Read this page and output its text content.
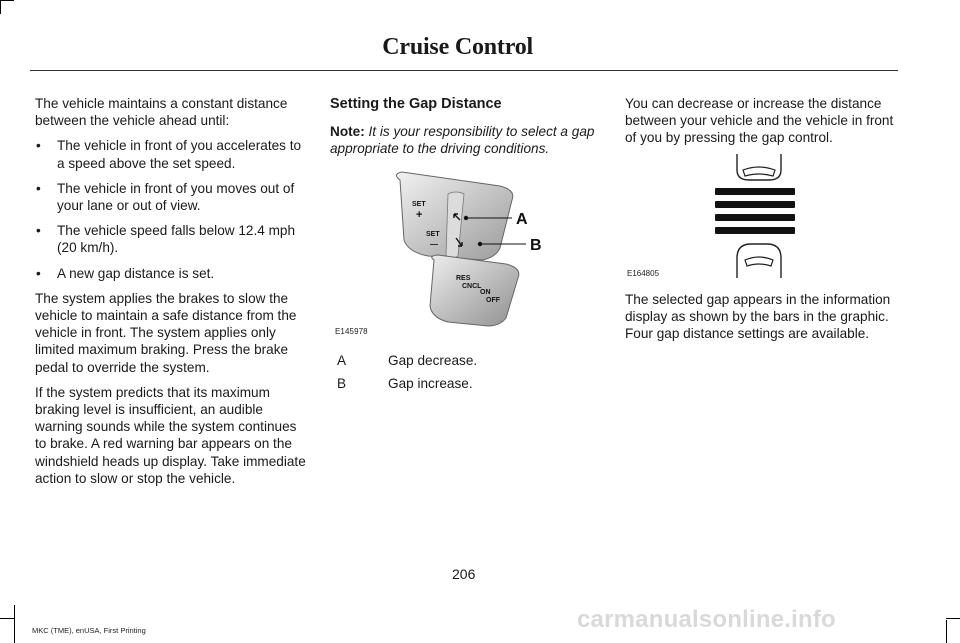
Cruise Control

The vehicle maintains a constant distance between the vehicle ahead until:

• The vehicle in front of you accelerates to a speed above the set speed.
• The vehicle in front of you moves out of your lane or out of view.
• The vehicle speed falls below 12.4 mph (20 km/h).
• A new gap distance is set.

The system applies the brakes to slow the vehicle to maintain a safe distance from the vehicle in front. The system applies only limited maximum braking. Press the brake pedal to override the system.

If the system predicts that its maximum braking level is insufficient, an audible warning sounds while the system continues to brake. A red warning bar appears on the windshield heads up display. Take immediate action to slow or stop the vehicle.

Setting the Gap Distance

Note: It is your responsibility to select a gap appropriate to the driving conditions.

SET
+
SET
—
RES
CNCL
ON
OFF
A
B
E145978
A	Gap decrease.
B	Gap increase.

You can decrease or increase the distance between your vehicle and the vehicle in front of you by pressing the gap control.

E164805

The selected gap appears in the information display as shown by the bars in the graphic. Four gap distance settings are available.

206
MKC (TME), enUSA, First Printing	carmanualsonline.info
